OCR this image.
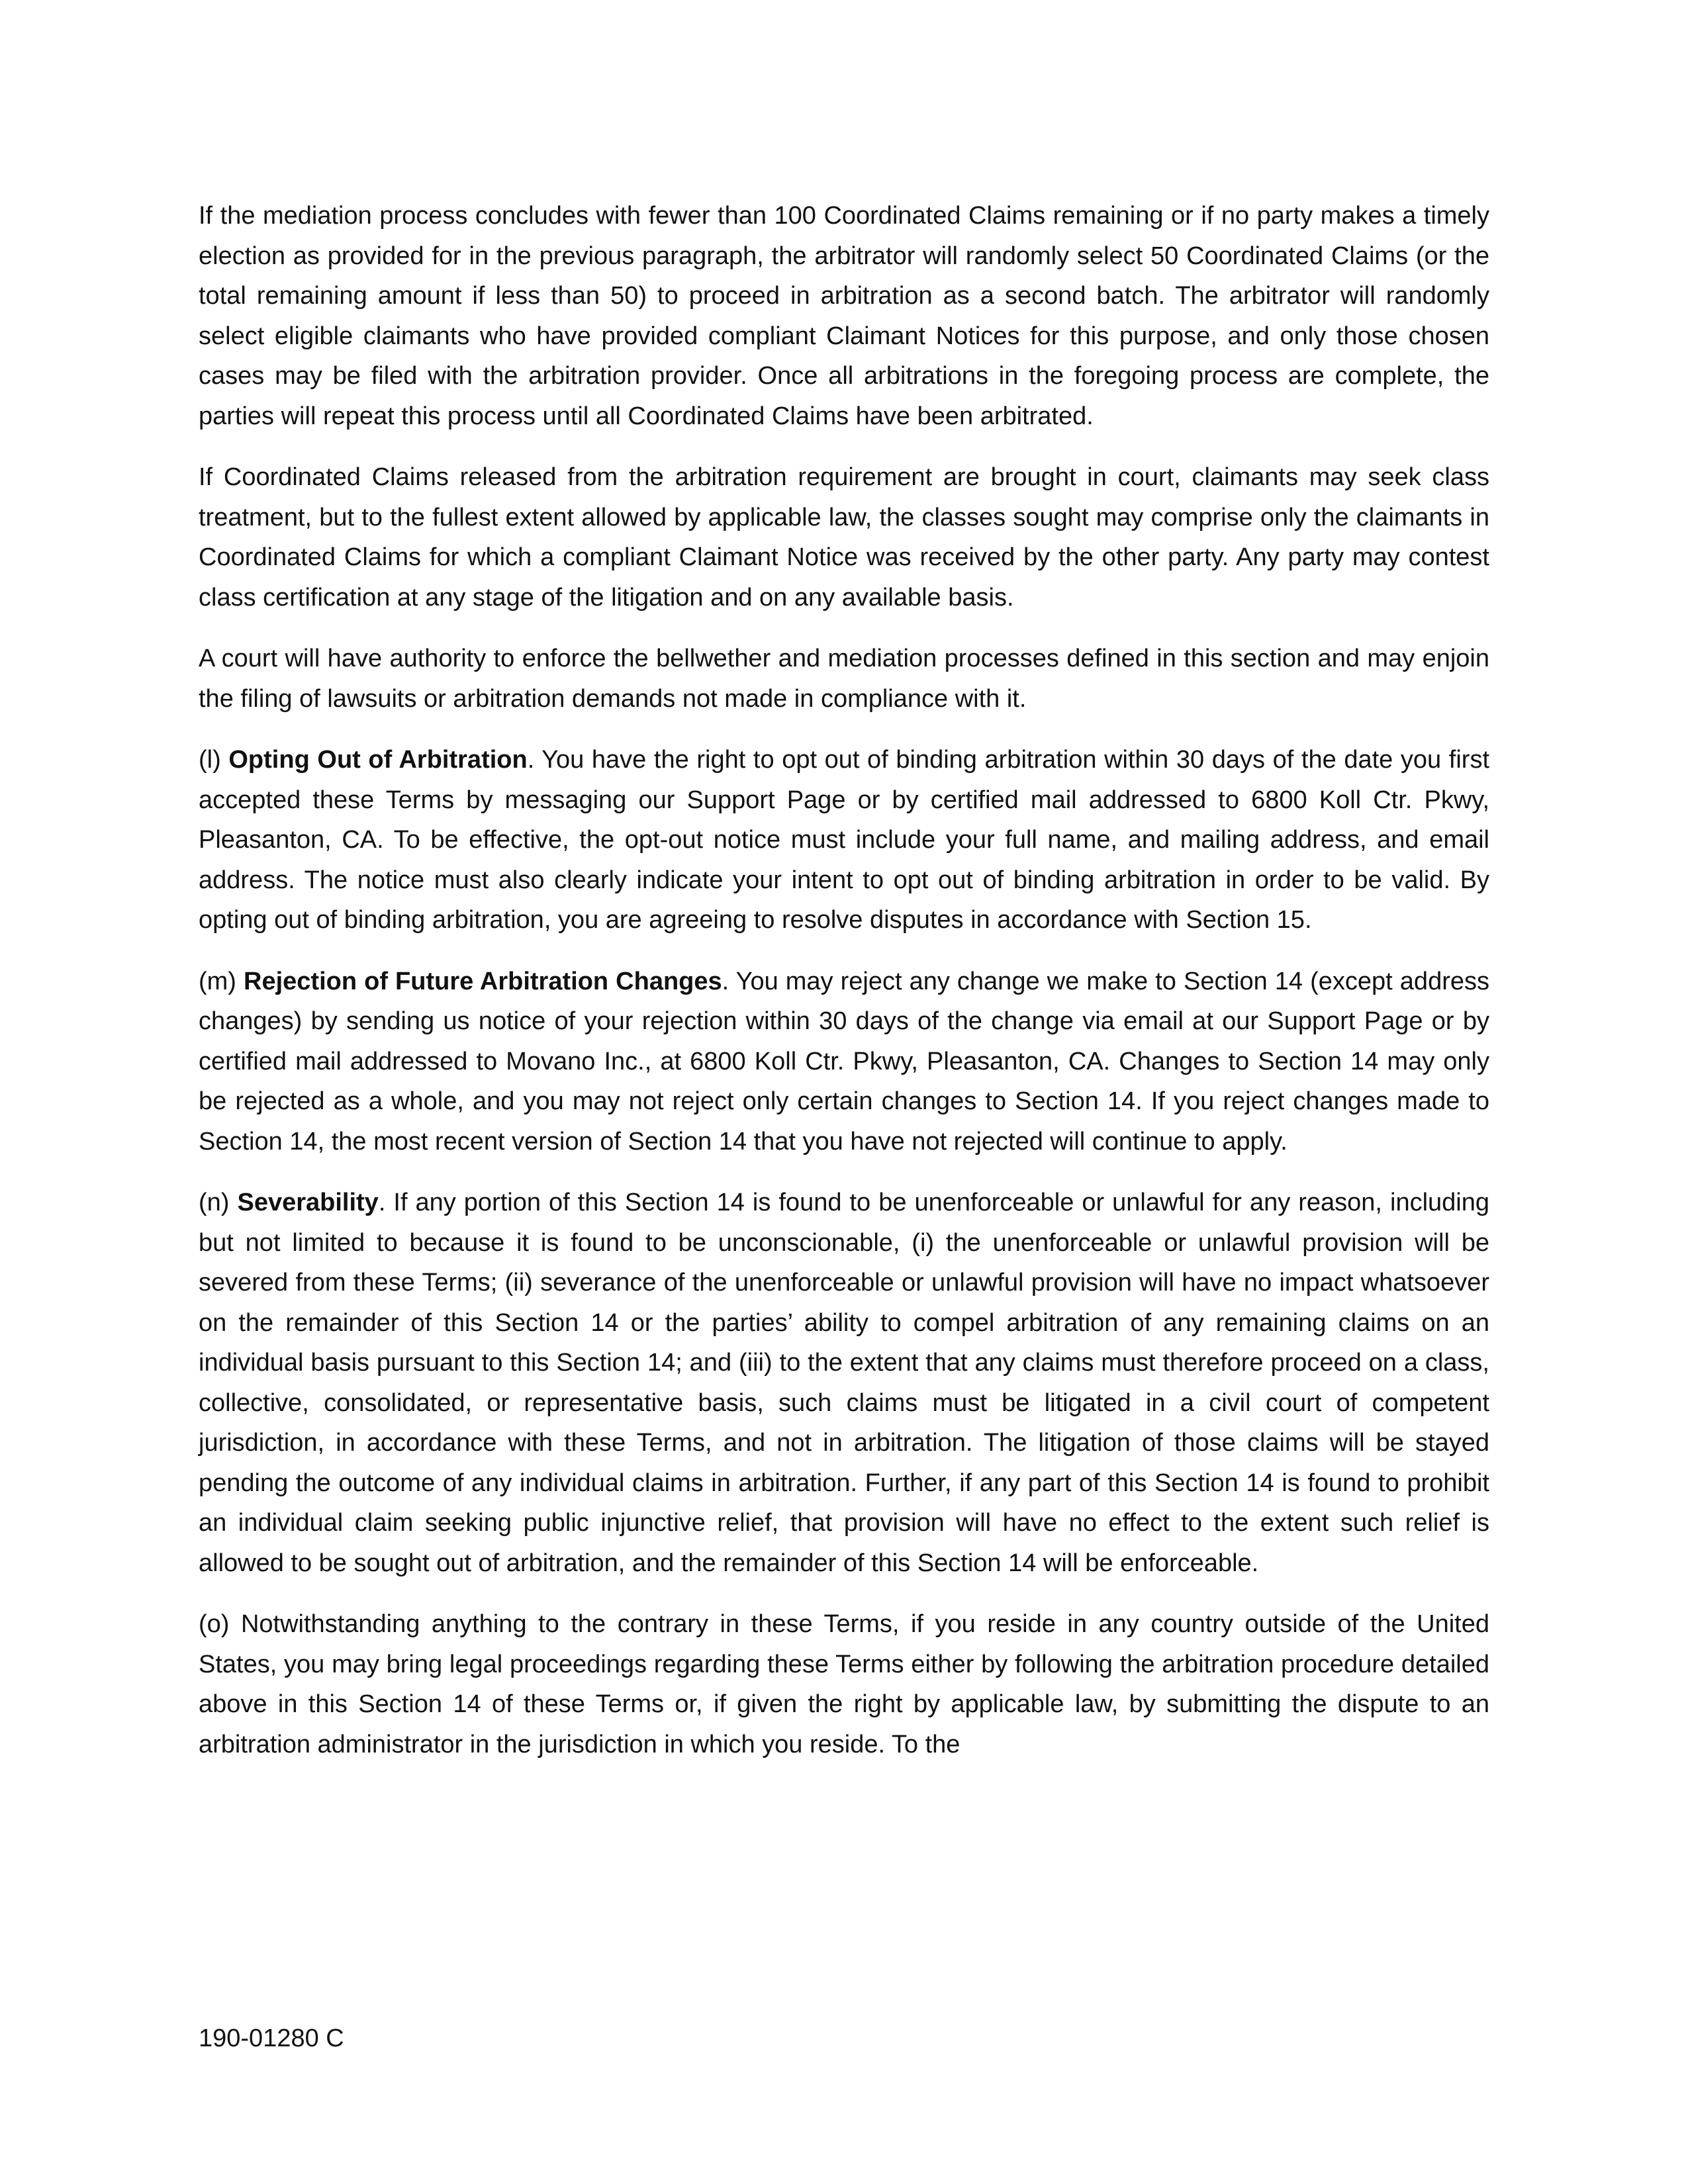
If the mediation process concludes with fewer than 100 Coordinated Claims remaining or if no party makes a timely election as provided for in the previous paragraph, the arbitrator will randomly select 50 Coordinated Claims (or the total remaining amount if less than 50) to proceed in arbitration as a second batch. The arbitrator will randomly select eligible claimants who have provided compliant Claimant Notices for this purpose, and only those chosen cases may be filed with the arbitration provider. Once all arbitrations in the foregoing process are complete, the parties will repeat this process until all Coordinated Claims have been arbitrated.

If Coordinated Claims released from the arbitration requirement are brought in court, claimants may seek class treatment, but to the fullest extent allowed by applicable law, the classes sought may comprise only the claimants in Coordinated Claims for which a compliant Claimant Notice was received by the other party. Any party may contest class certification at any stage of the litigation and on any available basis.

A court will have authority to enforce the bellwether and mediation processes defined in this section and may enjoin the filing of lawsuits or arbitration demands not made in compliance with it.

(l) Opting Out of Arbitration. You have the right to opt out of binding arbitration within 30 days of the date you first accepted these Terms by messaging our Support Page or by certified mail addressed to 6800 Koll Ctr. Pkwy, Pleasanton, CA. To be effective, the opt-out notice must include your full name, and mailing address, and email address. The notice must also clearly indicate your intent to opt out of binding arbitration in order to be valid. By opting out of binding arbitration, you are agreeing to resolve disputes in accordance with Section 15.

(m) Rejection of Future Arbitration Changes. You may reject any change we make to Section 14 (except address changes) by sending us notice of your rejection within 30 days of the change via email at our Support Page or by certified mail addressed to Movano Inc., at 6800 Koll Ctr. Pkwy, Pleasanton, CA. Changes to Section 14 may only be rejected as a whole, and you may not reject only certain changes to Section 14. If you reject changes made to Section 14, the most recent version of Section 14 that you have not rejected will continue to apply.

(n) Severability. If any portion of this Section 14 is found to be unenforceable or unlawful for any reason, including but not limited to because it is found to be unconscionable, (i) the unenforceable or unlawful provision will be severed from these Terms; (ii) severance of the unenforceable or unlawful provision will have no impact whatsoever on the remainder of this Section 14 or the parties’ ability to compel arbitration of any remaining claims on an individual basis pursuant to this Section 14; and (iii) to the extent that any claims must therefore proceed on a class, collective, consolidated, or representative basis, such claims must be litigated in a civil court of competent jurisdiction, in accordance with these Terms, and not in arbitration. The litigation of those claims will be stayed pending the outcome of any individual claims in arbitration. Further, if any part of this Section 14 is found to prohibit an individual claim seeking public injunctive relief, that provision will have no effect to the extent such relief is allowed to be sought out of arbitration, and the remainder of this Section 14 will be enforceable.

(o) Notwithstanding anything to the contrary in these Terms, if you reside in any country outside of the United States, you may bring legal proceedings regarding these Terms either by following the arbitration procedure detailed above in this Section 14 of these Terms or, if given the right by applicable law, by submitting the dispute to an arbitration administrator in the jurisdiction in which you reside. To the

190-01280 C
